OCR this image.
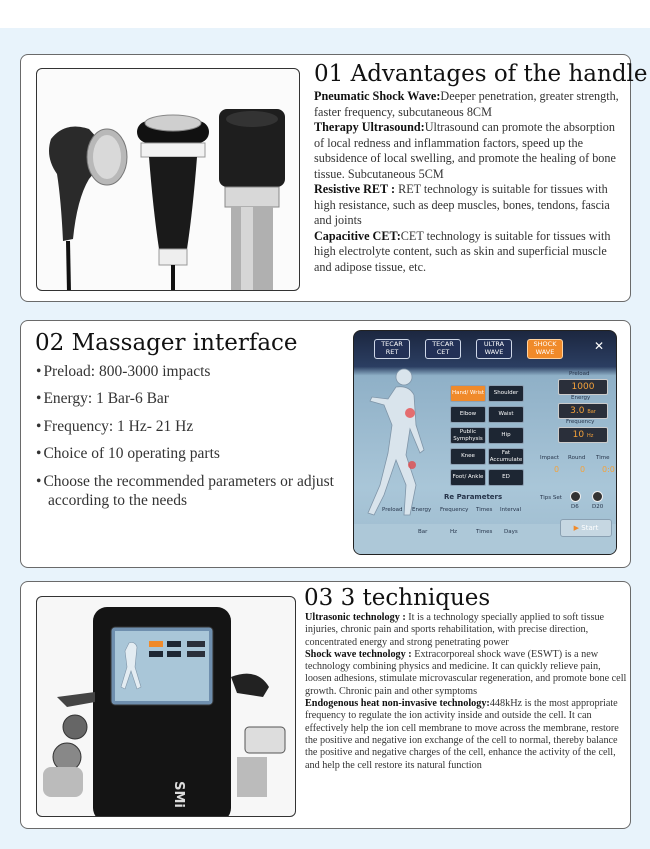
01 Advantages of the handle

Pneumatic Shock Wave:Deeper penetration, greater strength, faster frequency, subcutaneous 8CM

Therapy Ultrasound:Ultrasound can promote the absorption of local redness and inflammation factors, speed up the subsidence of local swelling, and promote the healing of bone tissue. Subcutaneous 5CM

Resistive RET : RET technology is suitable for tissues with high resistance, such as deep muscles, bones, tendons, fascia and joints

Capacitive CET:CET technology is suitable for tissues with high electrolyte content, such as skin and superficial muscle and adipose tissue, etc.

02 Massager interface
• Preload: 800-3000 impacts
• Energy: 1 Bar-6 Bar
• Frequency: 1 Hz- 21 Hz
• Choice of 10 operating parts
• Choose the recommended parameters or adjust according to the needs
TECAR RET
TECAR CET
ULTRA WAVE
SHOCK WAVE	✕
Hand/ Wrist	Shoulder
Elbow	Waist
Public Symphysis
Hip
Knee
Fat Accumulate
Foot/ Ankle	ED
Preload
1000
Energy
3.0 Bar
Frequency
10 Hz
Impact Round Time
0	0 0:0
Re Parameters
Preload Energy Frequency Times Interval
Bar	Hz	Times Days
Tips Set
D6 D20
▶ Start
SMi
03 3 techniques

Ultrasonic technology : It is a technology specially applied to soft tissue injuries, chronic pain and sports rehabilitation, with precise direction, concentrated energy and strong penetrating power

Shock wave technology : Extracorporeal shock wave (ESWT) is a new technology combining physics and medicine. It can quickly relieve pain, loosen adhesions, stimulate microvascular regeneration, and promote bone cell growth. Chronic pain and other symptoms

Endogenous heat non-invasive technology:448kHz is the most appropriate frequency to regulate the ion activity inside and outside the cell. It can effectively help the ion cell membrane to move across the membrane, restore the positive and negative ion exchange of the cell to normal, thereby balance the positive and negative charges of the cell, enhance the activity of the cell, and help the cell restore its natural function
